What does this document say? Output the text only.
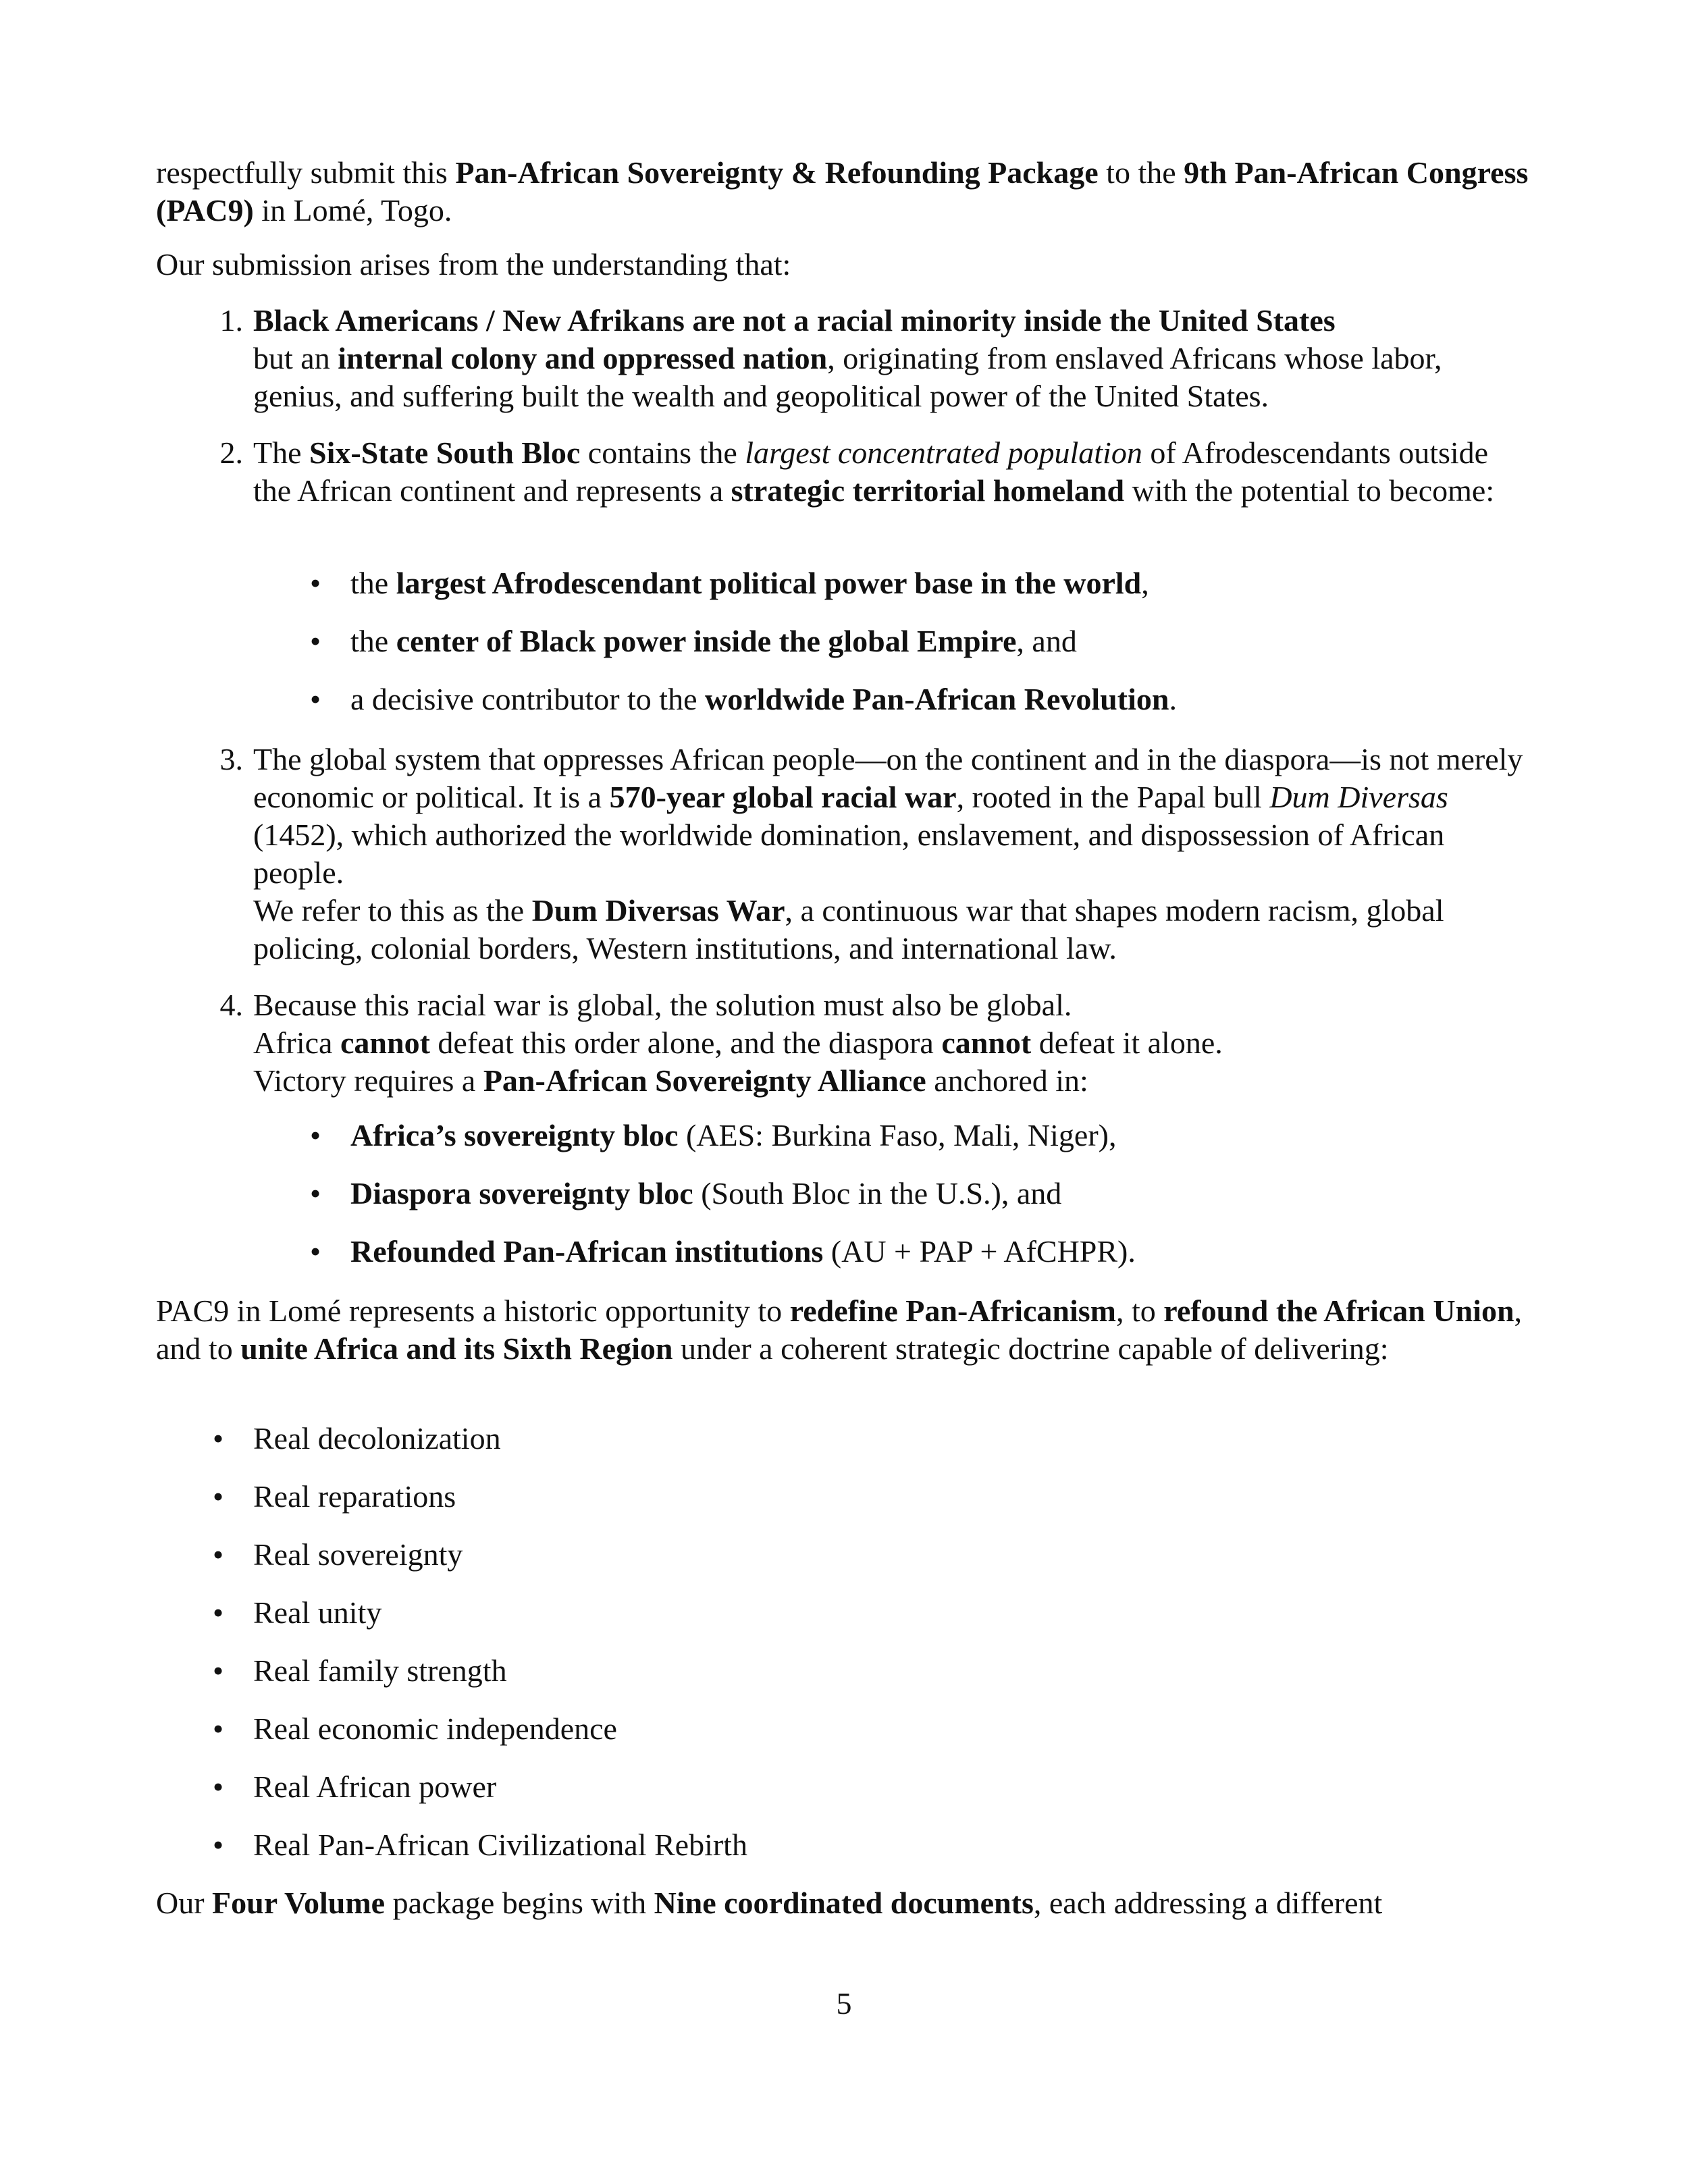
respectfully submit this Pan-African Sovereignty & Refounding Package to the 9th Pan-African Congress (PAC9) in Lomé, Togo.

Our submission arises from the understanding that:

1. Black Americans / New Afrikans are not a racial minority inside the United States
but an internal colony and oppressed nation, originating from enslaved Africans whose labor, genius, and suffering built the wealth and geopolitical power of the United States.
2. The Six-State South Bloc contains the largest concentrated population of Afrodescendants outside the African continent and represents a strategic territorial homeland with the potential to become:
• the largest Afrodescendant political power base in the world,
• the center of Black power inside the global Empire, and
• a decisive contributor to the worldwide Pan-African Revolution.
3. The global system that oppresses African people—on the continent and in the diaspora—is not merely economic or political. It is a 570-year global racial war, rooted in the Papal bull Dum Diversas (1452), which authorized the worldwide domination, enslavement, and dispossession of African people.
We refer to this as the Dum Diversas War, a continuous war that shapes modern racism, global policing, colonial borders, Western institutions, and international law.
4. Because this racial war is global, the solution must also be global.
Africa cannot defeat this order alone, and the diaspora cannot defeat it alone.
Victory requires a Pan-African Sovereignty Alliance anchored in:
• Africa’s sovereignty bloc (AES: Burkina Faso, Mali, Niger),
• Diaspora sovereignty bloc (South Bloc in the U.S.), and
• Refounded Pan-African institutions (AU + PAP + AfCHPR).

PAC9 in Lomé represents a historic opportunity to redefine Pan-Africanism, to refound the African Union, and to unite Africa and its Sixth Region under a coherent strategic doctrine capable of delivering:

• Real decolonization
• Real reparations
• Real sovereignty
• Real unity
• Real family strength
• Real economic independence
• Real African power
• Real Pan-African Civilizational Rebirth

Our Four Volume package begins with Nine coordinated documents, each addressing a different

5
